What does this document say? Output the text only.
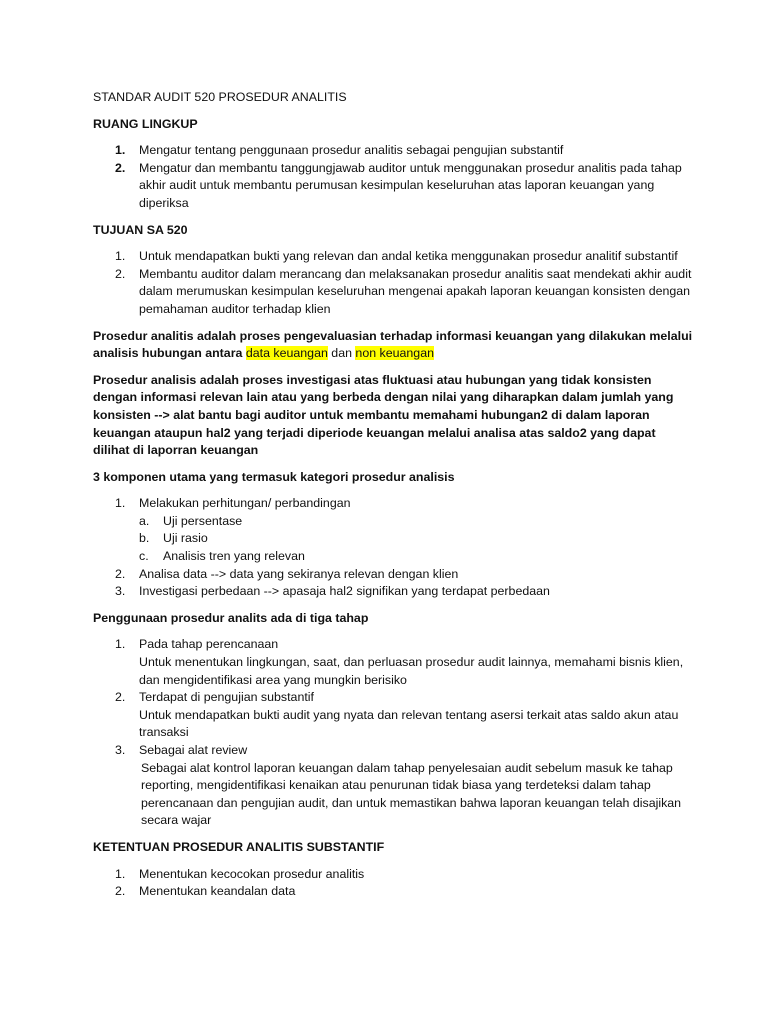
STANDAR AUDIT 520 PROSEDUR ANALITIS
RUANG LINGKUP
1. Mengatur tentang penggunaan prosedur analitis sebagai pengujian substantif
2. Mengatur dan membantu tanggungjawab auditor untuk menggunakan prosedur analitis pada tahap akhir audit untuk membantu perumusan kesimpulan keseluruhan atas laporan keuangan yang diperiksa
TUJUAN SA 520
1. Untuk mendapatkan bukti yang relevan dan andal ketika menggunakan prosedur analitif substantif
2. Membantu auditor dalam merancang dan melaksanakan prosedur analitis saat mendekati akhir audit dalam merumuskan kesimpulan keseluruhan mengenai apakah laporan keuangan konsisten dengan pemahaman auditor terhadap klien

Prosedur analitis adalah proses pengevaluasian terhadap informasi keuangan yang dilakukan melalui analisis hubungan antara data keuangan dan non keuangan

Prosedur analisis adalah proses investigasi atas fluktuasi atau hubungan yang tidak konsisten dengan informasi relevan lain atau yang berbeda dengan nilai yang diharapkan dalam jumlah yang konsisten --> alat bantu bagi auditor untuk membantu memahami hubungan2 di dalam laporan keuangan ataupun hal2 yang terjadi diperiode keuangan melalui analisa atas saldo2 yang dapat dilihat di laporran keuangan

3 komponen utama yang termasuk kategori prosedur analisis
1. Melakukan perhitungan/ perbandingan
a. Uji persentase
b. Uji rasio
c. Analisis tren yang relevan
2. Analisa data --> data yang sekiranya relevan dengan klien
3. Investigasi perbedaan --> apasaja hal2 signifikan yang terdapat perbedaan
Penggunaan prosedur analits ada di tiga tahap
1. Pada tahap perencanaan
Untuk menentukan lingkungan, saat, dan perluasan prosedur audit lainnya, memahami bisnis klien, dan mengidentifikasi area yang mungkin berisiko
2. Terdapat di pengujian substantif
Untuk mendapatkan bukti audit yang nyata dan relevan tentang asersi terkait atas saldo akun atau transaksi
3. Sebagai alat review
Sebagai alat kontrol laporan keuangan dalam tahap penyelesaian audit sebelum masuk ke tahap reporting, mengidentifikasi kenaikan atau penurunan tidak biasa yang terdeteksi dalam tahap perencanaan dan pengujian audit, dan untuk memastikan bahwa laporan keuangan telah disajikan secara wajar
KETENTUAN PROSEDUR ANALITIS SUBSTANTIF
1. Menentukan kecocokan prosedur analitis
2. Menentukan keandalan data
